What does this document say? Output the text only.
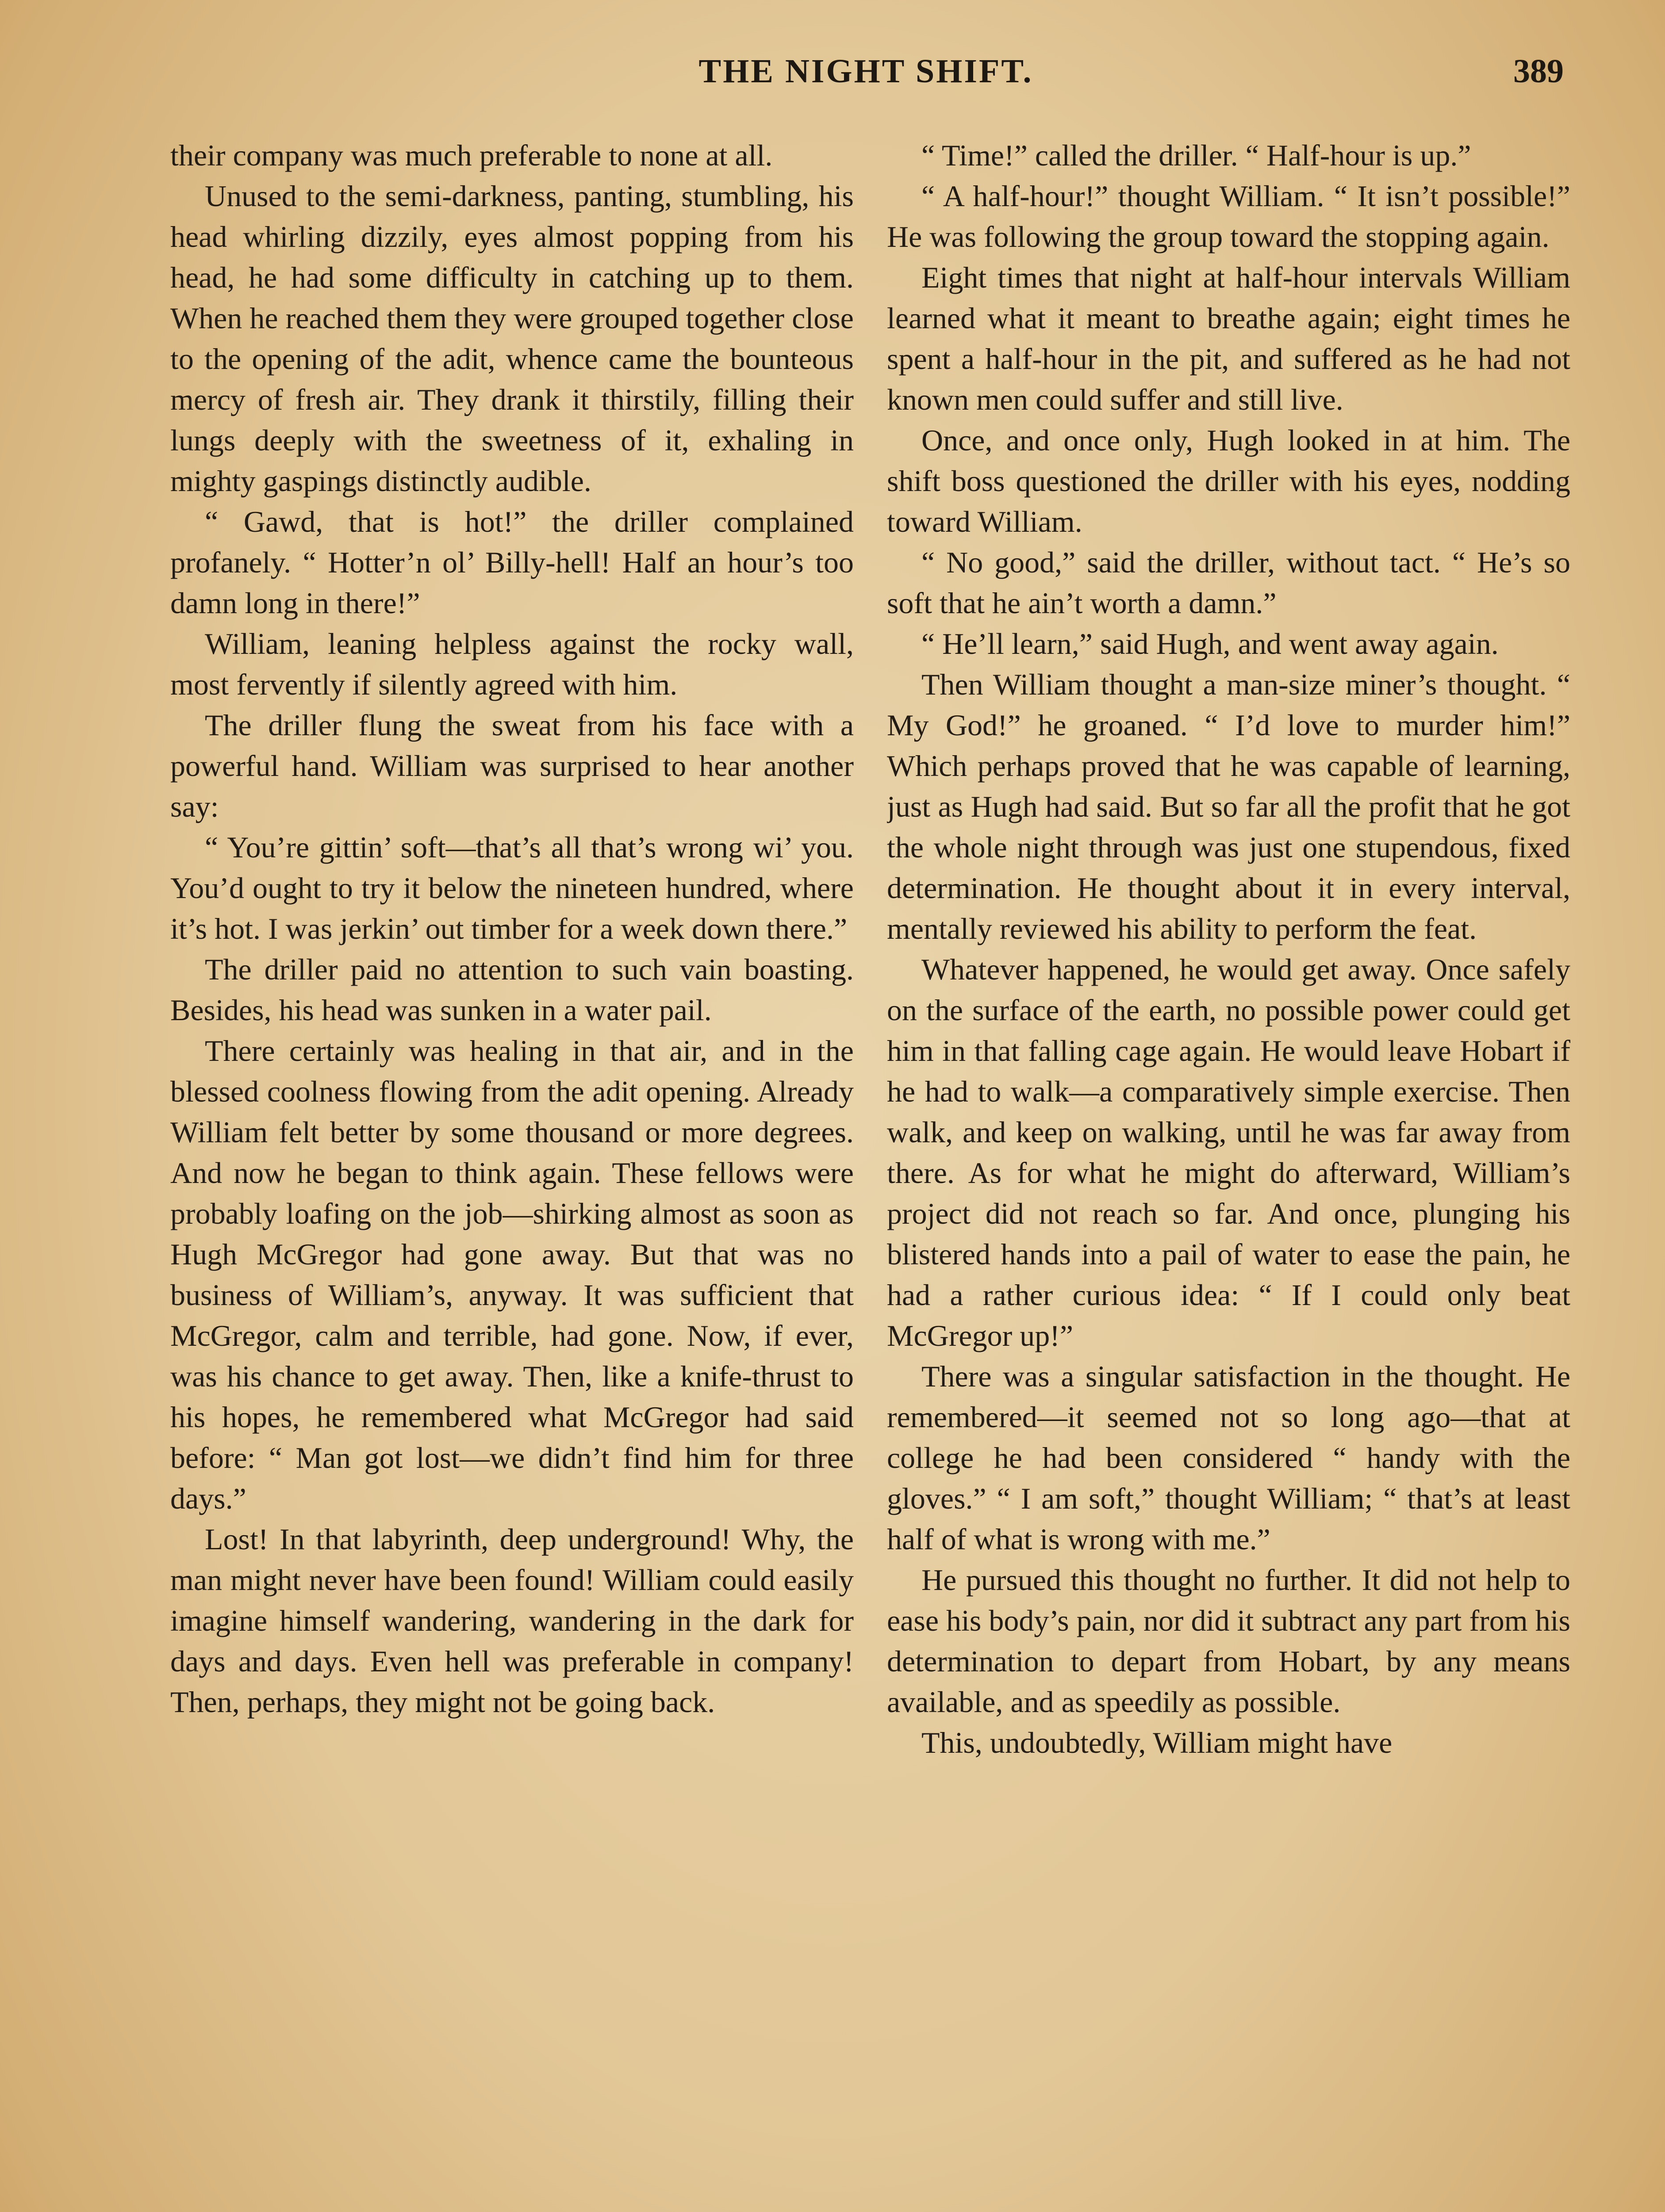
THE NIGHT SHIFT.	389

their company was much preferable to none at all.

Unused to the semi-darkness, panting, stumbling, his head whirling dizzily, eyes almost popping from his head, he had some difficulty in catching up to them. When he reached them they were grouped together close to the opening of the adit, whence came the bounteous mercy of fresh air. They drank it thirstily, filling their lungs deeply with the sweetness of it, exhaling in mighty gaspings distinctly audible.

“ Gawd, that is hot!” the driller complained profanely. “ Hotter’n ol’ Billy-hell! Half an hour’s too damn long in there!”

William, leaning helpless against the rocky wall, most fervently if silently agreed with him.

The driller flung the sweat from his face with a powerful hand. William was surprised to hear another say:

“ You’re gittin’ soft—that’s all that’s wrong wi’ you. You’d ought to try it below the nineteen hundred, where it’s hot. I was jerkin’ out timber for a week down there.”

The driller paid no attention to such vain boasting. Besides, his head was sunken in a water pail.

There certainly was healing in that air, and in the blessed coolness flowing from the adit opening. Already William felt better by some thousand or more degrees. And now he began to think again. These fellows were probably loafing on the job—shirking almost as soon as Hugh McGregor had gone away. But that was no business of William’s, anyway. It was sufficient that McGregor, calm and terrible, had gone. Now, if ever, was his chance to get away. Then, like a knife-thrust to his hopes, he remembered what McGregor had said before: “ Man got lost—we didn’t find him for three days.”

Lost! In that labyrinth, deep underground! Why, the man might never have been found! William could easily imagine himself wandering, wandering in the dark for days and days. Even hell was preferable in company! Then, perhaps, they might not be going back.

“ Time!” called the driller. “ Half-hour is up.”

“ A half-hour!” thought William. “ It isn’t possible!” He was following the group toward the stopping again.

Eight times that night at half-hour intervals William learned what it meant to breathe again; eight times he spent a half-hour in the pit, and suffered as he had not known men could suffer and still live.

Once, and once only, Hugh looked in at him. The shift boss questioned the driller with his eyes, nodding toward William.

“ No good,” said the driller, without tact. “ He’s so soft that he ain’t worth a damn.”

“ He’ll learn,” said Hugh, and went away again.

Then William thought a man-size miner’s thought. “ My God!” he groaned. “ I’d love to murder him!” Which perhaps proved that he was capable of learning, just as Hugh had said. But so far all the profit that he got the whole night through was just one stupendous, fixed determination. He thought about it in every interval, mentally reviewed his ability to perform the feat.

Whatever happened, he would get away. Once safely on the surface of the earth, no possible power could get him in that falling cage again. He would leave Hobart if he had to walk—a comparatively simple exercise. Then walk, and keep on walking, until he was far away from there. As for what he might do afterward, William’s project did not reach so far. And once, plunging his blistered hands into a pail of water to ease the pain, he had a rather curious idea: “ If I could only beat McGregor up!”

There was a singular satisfaction in the thought. He remembered—it seemed not so long ago—that at college he had been considered “ handy with the gloves.” “ I am soft,” thought William; “ that’s at least half of what is wrong with me.”

He pursued this thought no further. It did not help to ease his body’s pain, nor did it subtract any part from his determination to depart from Hobart, by any means available, and as speedily as possible.

This, undoubtedly, William might have
